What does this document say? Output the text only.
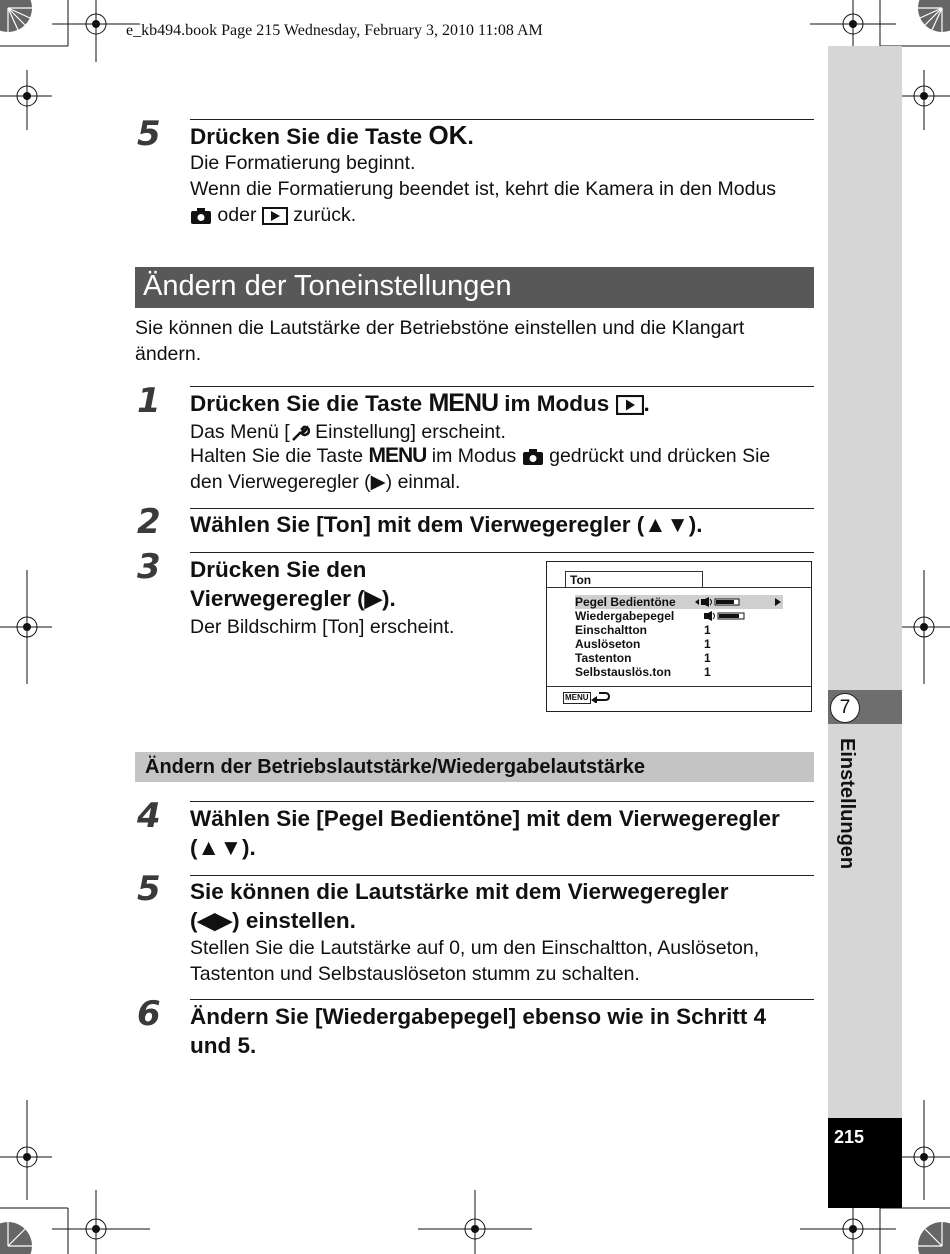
e_kb494.book Page 215 Wednesday, February 3, 2010 11:08 AM
7
Einstellungen
215
5 Drücken Sie die Taste OK.
Die Formatierung beginnt.
Wenn die Formatierung beendet ist, kehrt die Kamera in den Modus
oder  zurück.
Ändern der Toneinstellungen
Sie können die Lautstärke der Betriebstöne einstellen und die Klangart ändern.
1 Drücken Sie die Taste MENU im Modus .
Das Menü [ Einstellung] erscheint.
Halten Sie die Taste MENU im Modus  gedrückt und drücken Sie
den Vierwegeregler (▶) einmal.
2 Wählen Sie [Ton] mit dem Vierwegeregler (▲▼).
3 Drücken Sie den
Vierwegeregler (▶).
Der Bildschirm [Ton] erscheint.
Ton
Pegel Bedientöne
Wiedergabepegel
Einschaltton	1
Auslöseton	1
Tastenton	1
Selbstauslös.ton	1
MENU
Ändern der Betriebslautstärke/Wiedergabelautstärke
4 Wählen Sie [Pegel Bedientöne] mit dem Vierwegeregler
(▲▼).
5 Sie können die Lautstärke mit dem Vierwegeregler
(◀▶) einstellen.
Stellen Sie die Lautstärke auf 0, um den Einschaltton, Auslöseton,
Tastenton und Selbstauslöseton stumm zu schalten.
6 Ändern Sie [Wiedergabepegel] ebenso wie in Schritt 4
und 5.
